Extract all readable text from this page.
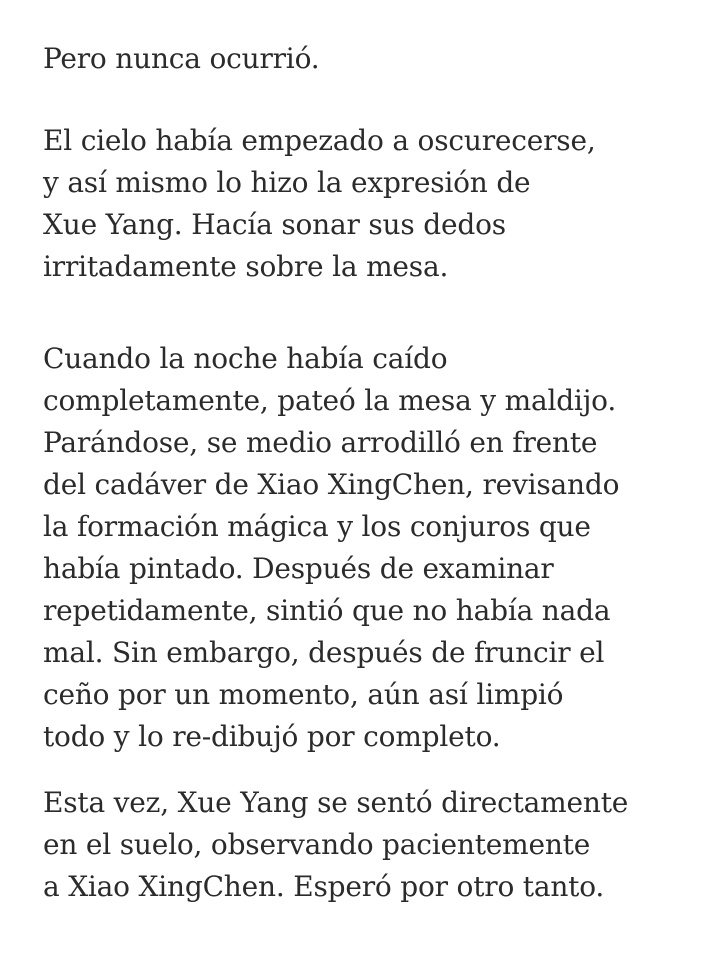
Pero nunca ocurrió.

El cielo había empezado a oscurecerse,
y así mismo lo hizo la expresión de
Xue Yang. Hacía sonar sus dedos
irritadamente sobre la mesa.

Cuando la noche había caído
completamente, pateó la mesa y maldijo.
Parándose, se medio arrodilló en frente
del cadáver de Xiao XingChen, revisando
la formación mágica y los conjuros que
había pintado. Después de examinar
repetidamente, sintió que no había nada
mal. Sin embargo, después de fruncir el
ceño por un momento, aún así limpió
todo y lo re-dibujó por completo.

Esta vez, Xue Yang se sentó directamente
en el suelo, observando pacientemente
a Xiao XingChen. Esperó por otro tanto.
